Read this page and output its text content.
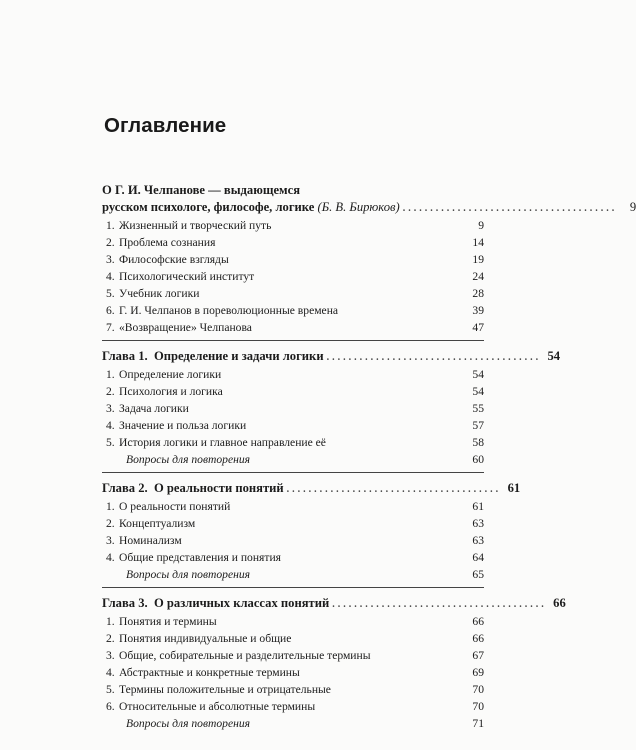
Оглавление
О Г. И. Челпанове — выдающемся
русском психологе, философе, логике (Б. В. Бирюков) .......................................	9
1. Жизненный и творческий путь	9
2. Проблема сознания	14
3. Философские взгляды	19
4. Психологический институт	24
5. Учебник логики	28
6. Г. И. Челпанов в пореволюционные времена	39
7. «Возвращение» Челпанова	47
Глава 1.  Определение и задачи логики ....................................... 54
1. Определение логики	54
2. Психология и логика	54
3. Задача логики	55
4. Значение и польза логики	57
5. История логики и главное направление её	58
Вопросы для повторения	60
Глава 2.  О реальности понятий ....................................... 61
1. О реальности понятий	61
2. Концептуализм	63
3. Номинализм	63
4. Общие представления и понятия	64
Вопросы для повторения	65
Глава 3.  О различных классах понятий ....................................... 66
1. Понятия и термины	66
2. Понятия индивидуальные и общие	66
3. Общие, собирательные и разделительные термины	67
4. Абстрактные и конкретные термины	69
5. Термины положительные и отрицательные	70
6. Относительные и абсолютные термины	70
Вопросы для повторения	71
